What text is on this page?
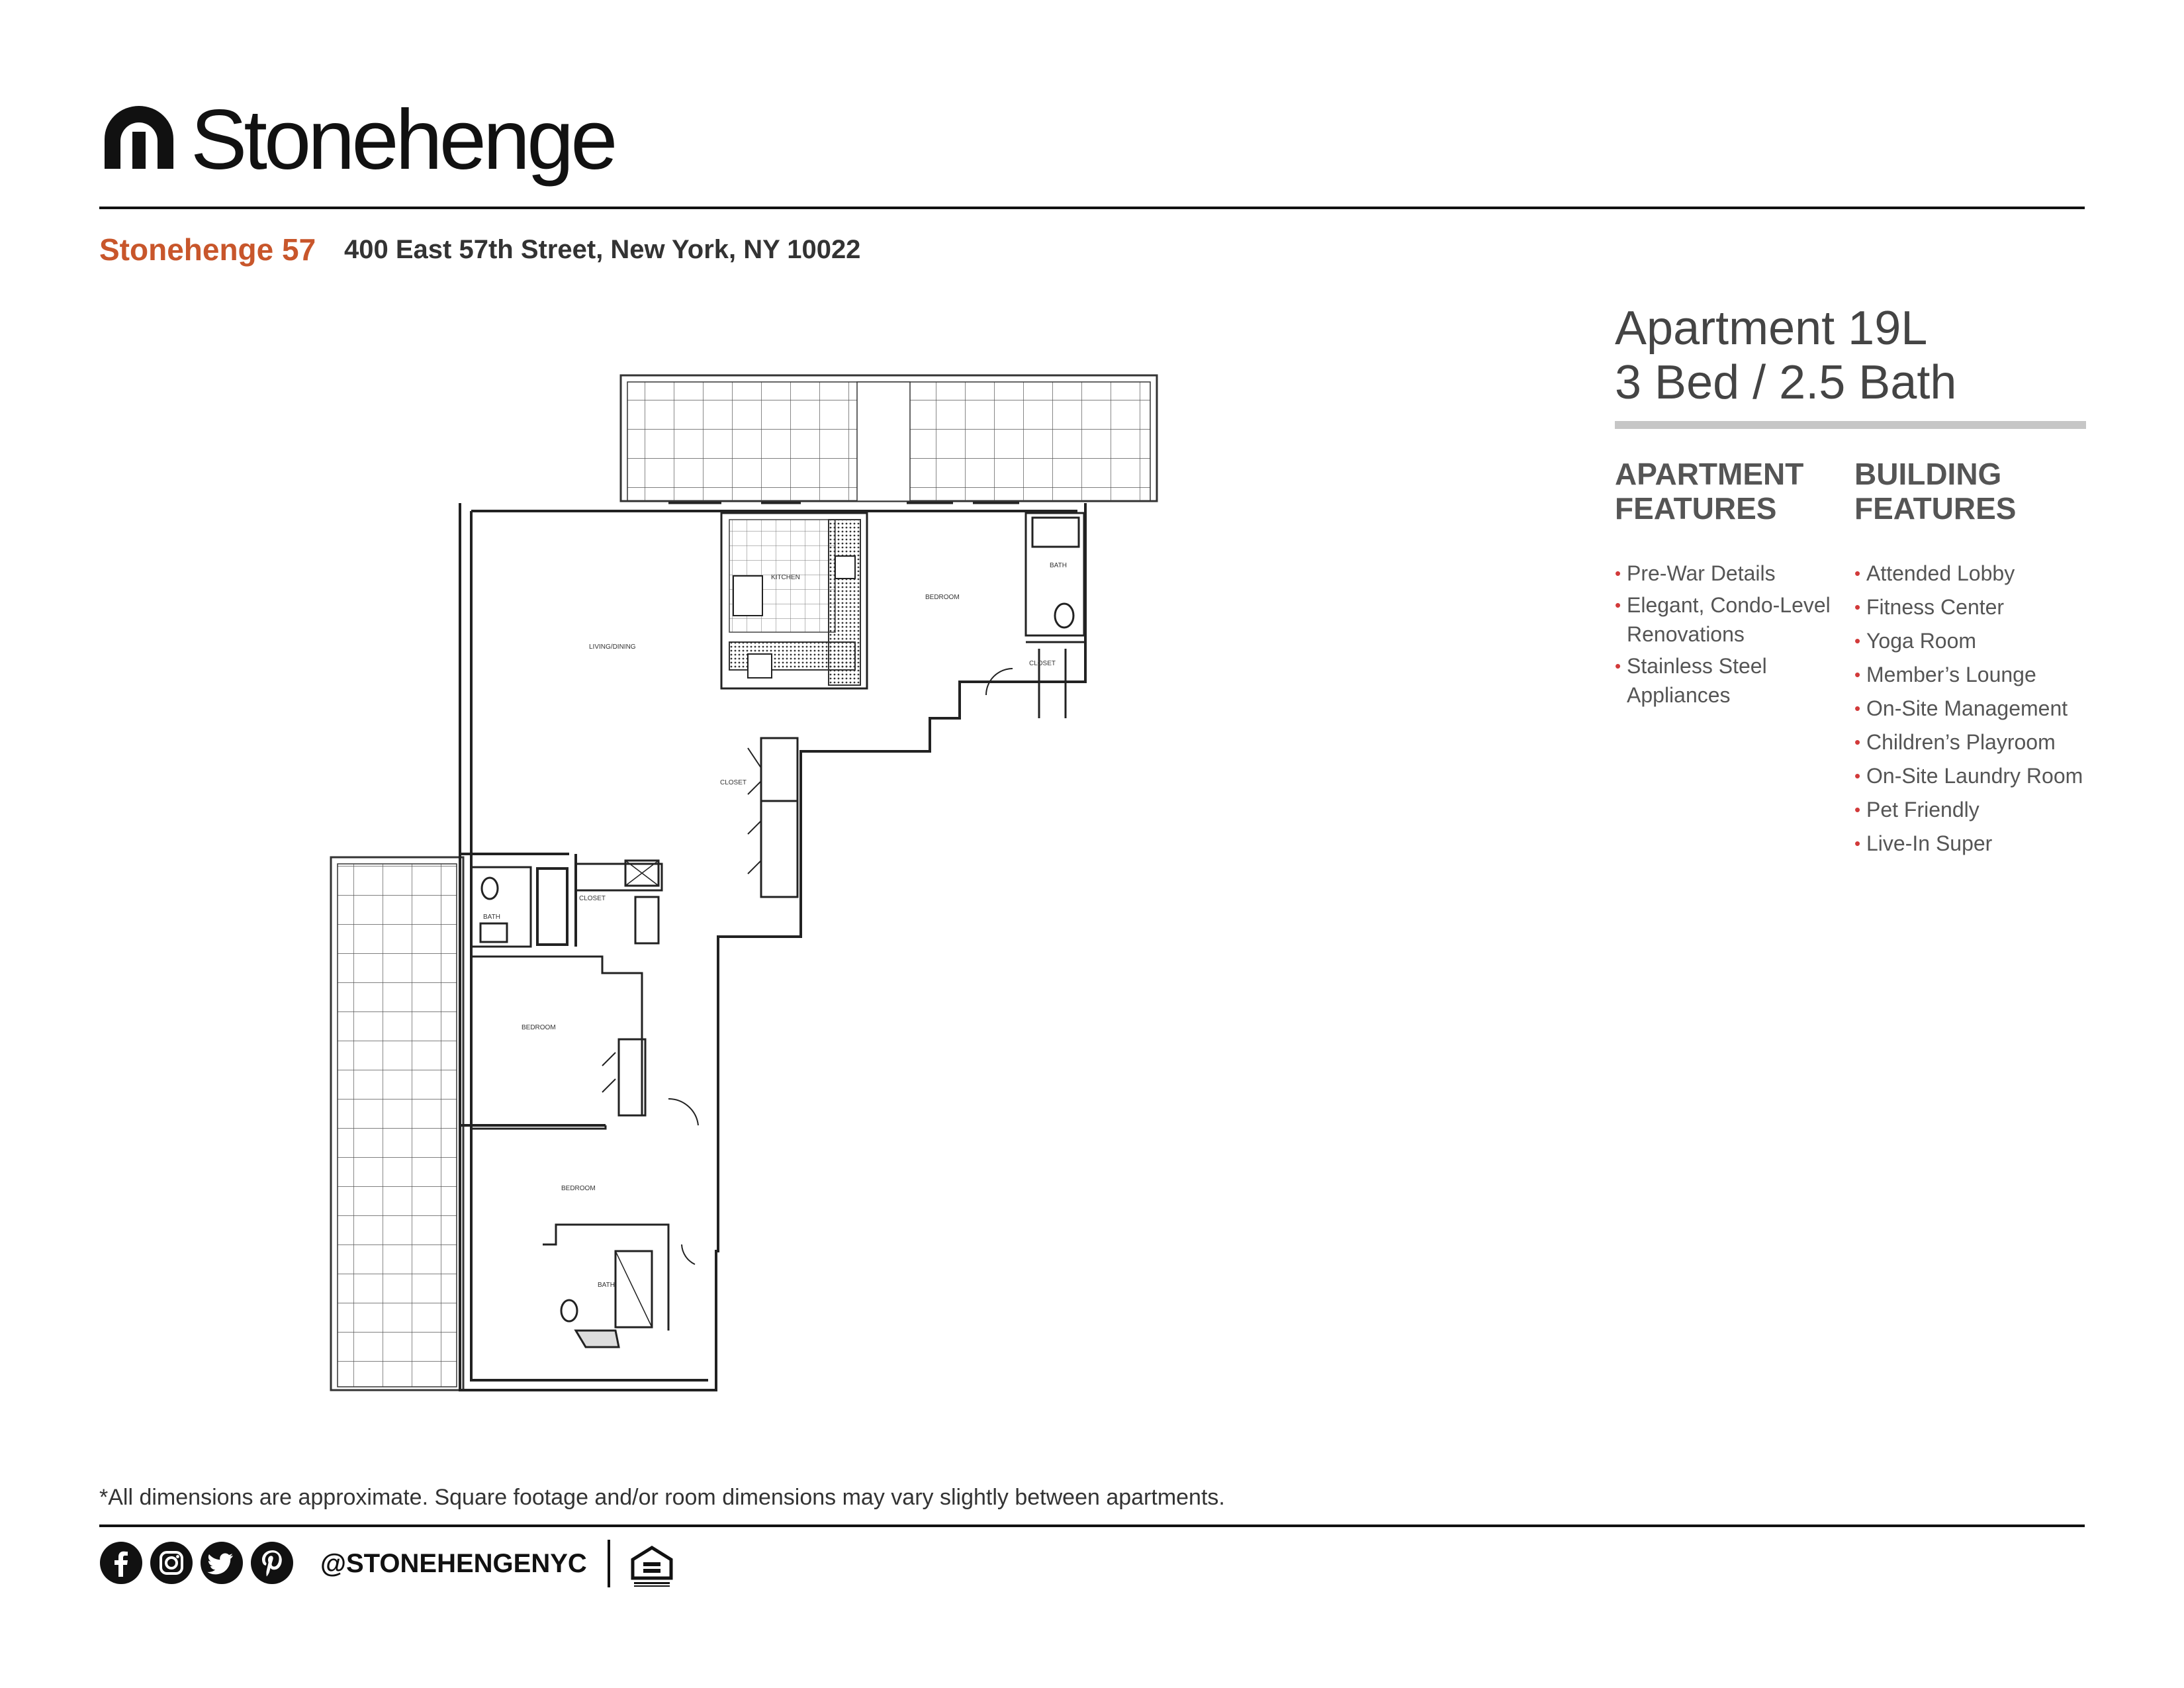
Stonehenge
Stonehenge 57 400 East 57th Street, New York, NY 10022
Apartment 19L
3 Bed / 2.5 Bath
APARTMENT
FEATURES
• Pre-War Details
• Elegant, Condo-Level
Renovations
• Stainless Steel
Appliances
BUILDING
FEATURES
• Attended Lobby
• Fitness Center
• Yoga Room
• Member’s Lounge
• On-Site Management
• Children’s Playroom
• On-Site Laundry Room
• Pet Friendly
• Live-In Super
LIVING/DINING
KITCHEN
BEDROOM
BATH
CLOSET
CLOSET
BATH
CLOSET
BEDROOM
BEDROOM
BATH
*All dimensions are approximate. Square footage and/or room dimensions may vary slightly between apartments.
@STONEHENGENYC
